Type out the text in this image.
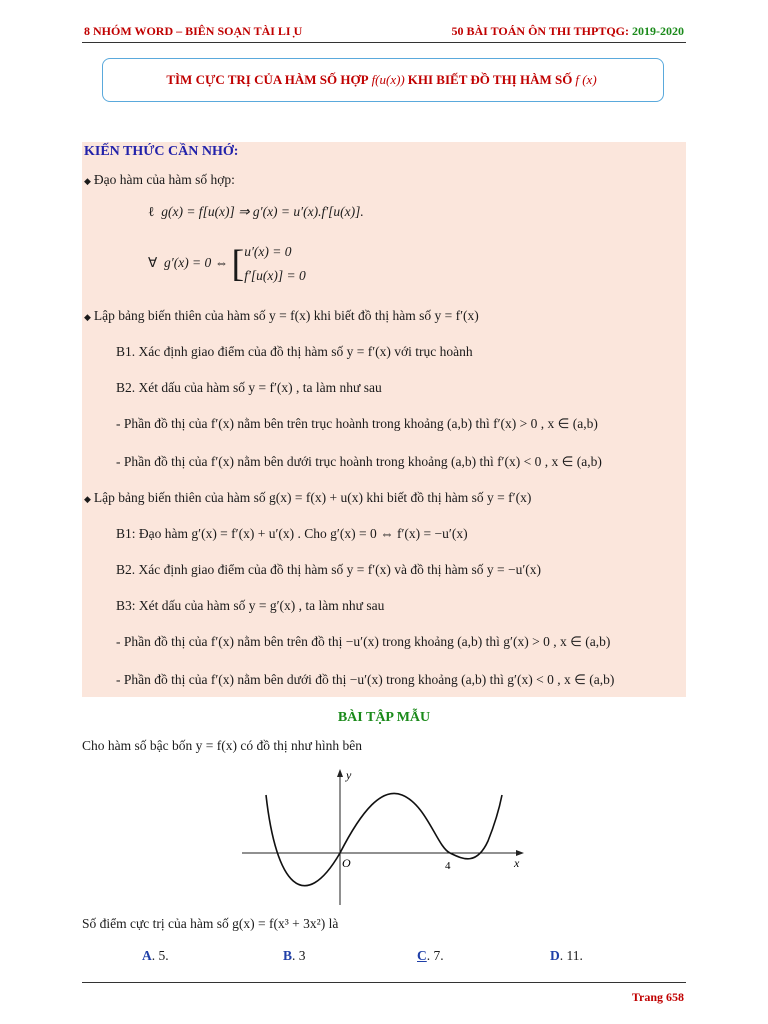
8 NHÓM WORD – BIÊN SOẠN TÀI LI ̣U	50 BÀI TOÁN ÔN THI THPTQG: 2019-2020
TÌM CỰC TRỊ CỦA HÀM SỐ HỢP f(u(x)) KHI BIẾT ĐỒ THỊ HÀM SỐ f (x)
KIẾN THỨC CẦN NHỚ:
◆ Đạo hàm của hàm số hợp:
ℓ g(x) = f[u(x)] ⇒ g′(x) = u′(x).f′[u(x)].
∀ g′(x) = 0 ⇔ [u′(x) = 0
f′[u(x)] = 0
◆ Lập bảng biến thiên của hàm số y = f(x) khi biết đồ thị hàm số y = f′(x)
B1. Xác định giao điểm của đồ thị hàm số y = f′(x) với trục hoành
B2. Xét dấu của hàm số y = f′(x) , ta làm như sau
- Phần đồ thị của f′(x) nằm bên trên trục hoành trong khoảng (a,b) thì f′(x) > 0 , x ∈ (a,b)
- Phần đồ thị của f′(x) nằm bên dưới trục hoành trong khoảng (a,b) thì f′(x) < 0 , x ∈ (a,b)
◆ Lập bảng biến thiên của hàm số g(x) = f(x) + u(x) khi biết đồ thị hàm số y = f′(x)
B1: Đạo hàm g′(x) = f′(x) + u′(x) . Cho g′(x) = 0 ⇔ f′(x) = −u′(x)
B2. Xác định giao điểm của đồ thị hàm số y = f′(x) và đồ thị hàm số y = −u′(x)
B3: Xét dấu của hàm số y = g′(x) , ta làm như sau
- Phần đồ thị của f′(x) nằm bên trên đồ thị −u′(x) trong khoảng (a,b) thì g′(x) > 0 , x ∈ (a,b)
- Phần đồ thị của f′(x) nằm bên dưới đồ thị −u′(x) trong khoảng (a,b) thì g′(x) < 0 , x ∈ (a,b)
BÀI TẬP MẪU
Cho hàm số bậc bốn y = f(x) có đồ thị như hình bên
y
x
O	4
Số điểm cực trị của hàm số g(x) = f(x³ + 3x²) là
A. 5.	B. 3	C. 7.	D. 11.
Trang 658
